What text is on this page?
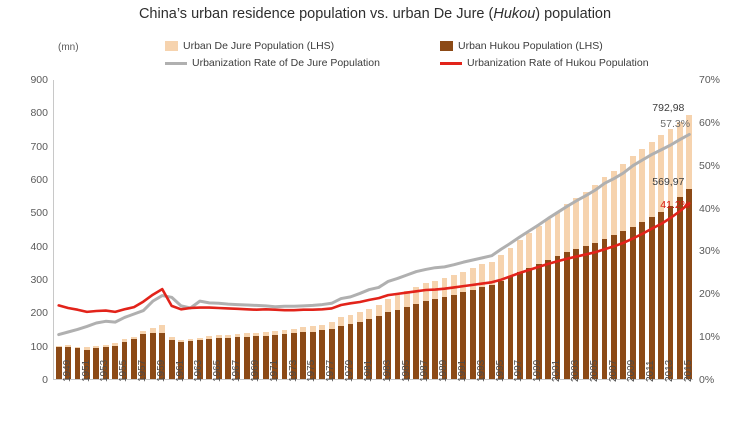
China’s urban residence population vs. urban De Jure (Hukou) population
(mn)	Urban De Jure Population (LHS)	Urban Hukou Population (LHS)
Urbanization Rate of De Jure Population	Urbanization Rate of Hukou Population
0
100
200
300
400
500
600
700
800
900
0%
10%
20%
30%
40%
50%
60%
70%
1949 1951 1953 1955 1957 1959 1961 1963 1965 1967 1969 1971 1973 1975 1977 1979 1981 1983 1985 1987 1989 1991 1993 1995 1997 1999 2001 2003 2005 2007 2009 2011 2013 2015
792,98
57.3%
569,97
41.2%
